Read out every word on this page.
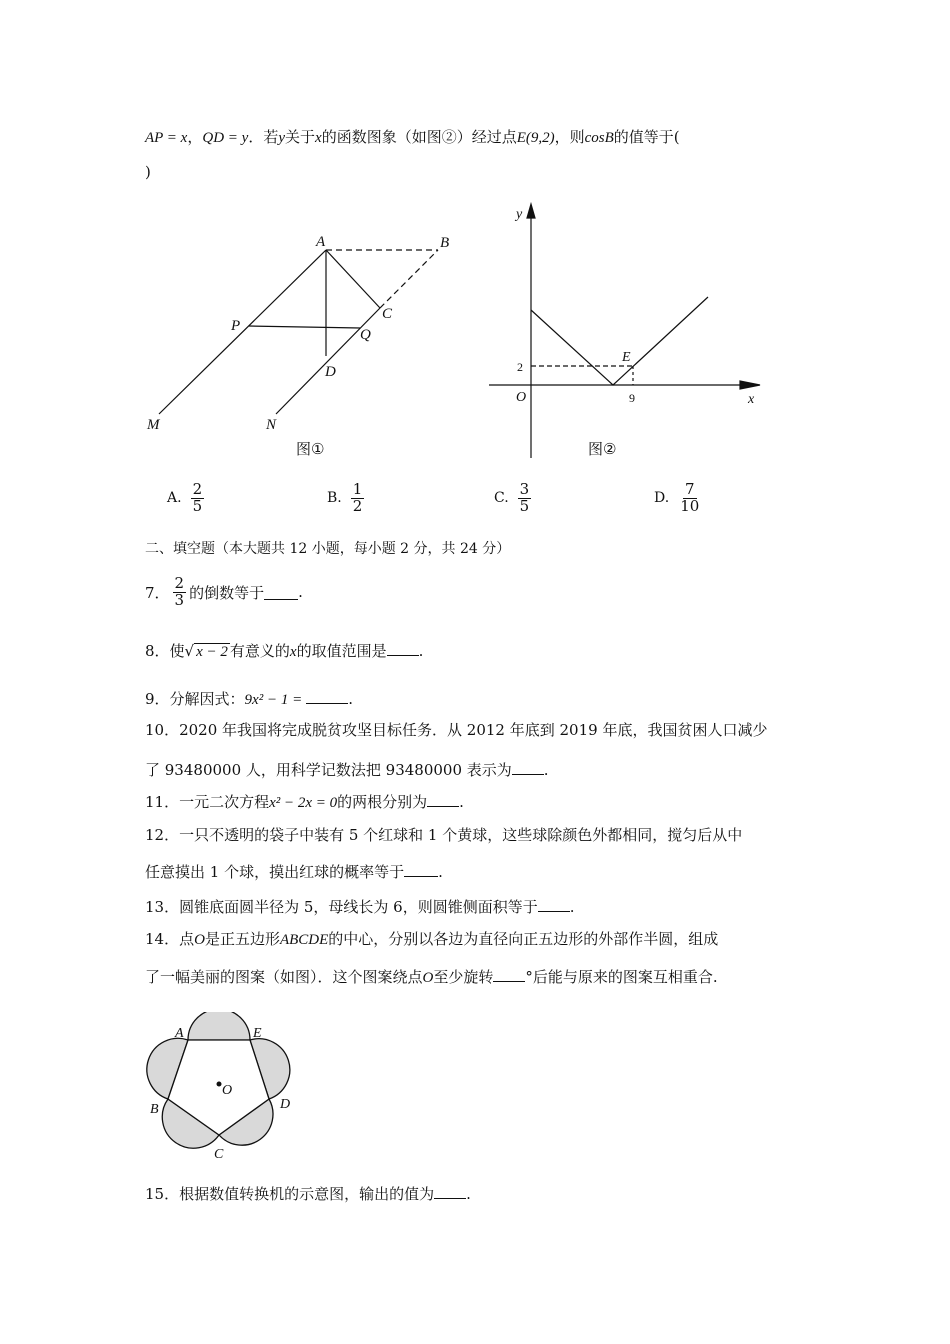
AP = x，QD = y．若y关于x的函数图象（如图②）经过点E(9,2)，则cosB的值等于(
)
A	B
C
P
Q
D
M	N
图①
y
x
O
E
2
9
图②
A. $\frac{2}{5}$	B. $\frac{1}{2}$	C. $\frac{3}{5}$	D. $\frac{7}{10}$
二、填空题（本大题共 12 小题，每小题 2 分，共 24 分）
7． $\frac{2}{3}$ 的倒数等于 .
8．使√ x − 2 有意义的x的取值范围是 .
9．分解因式：9x² − 1 =	.
10．2020 年我国将完成脱贫攻坚目标任务．从 2012 年底到 2019 年底，我国贫困人口减少
了 93480000 人，用科学记数法把 93480000 表示为 .
11．一元二次方程x² − 2x = 0的两根分别为 .
12．一只不透明的袋子中装有 5 个红球和 1 个黄球，这些球除颜色外都相同，搅匀后从中
任意摸出 1 个球，摸出红球的概率等于 .
13．圆锥底面圆半径为 5，母线长为 6，则圆锥侧面积等于 .
14．点O是正五边形ABCDE的中心，分别以各边为直径向正五边形的外部作半圆，组成
了一幅美丽的图案（如图）．这个图案绕点O至少旋转 °后能与原来的图案互相重合.
A	E
B	D
C
O
15．根据数值转换机的示意图，输出的值为 .
